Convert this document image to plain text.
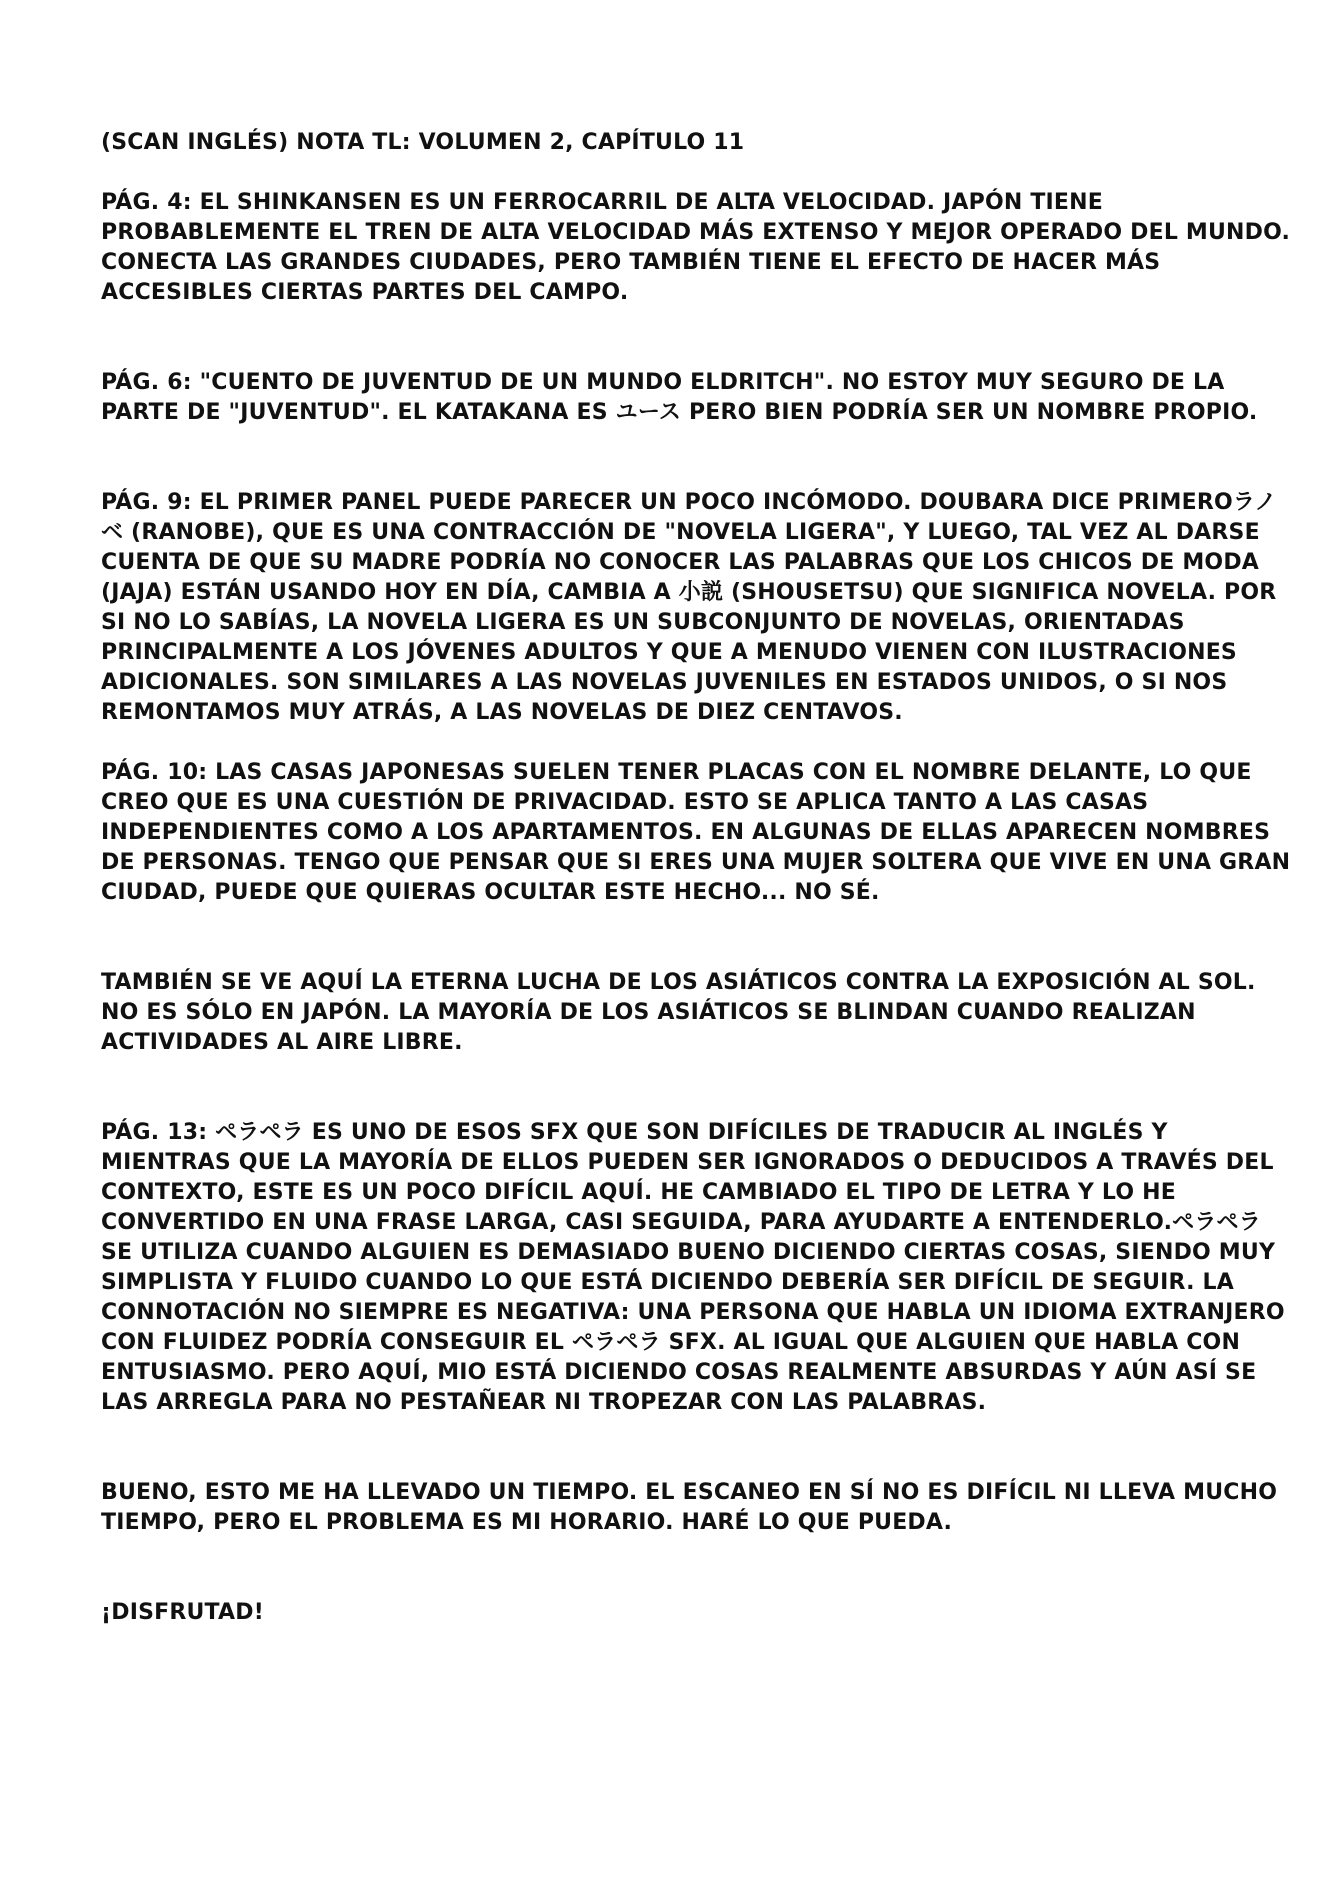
(SCAN INGLÉS) NOTA TL: VOLUMEN 2, CAPÍTULO 11

PÁG. 4: EL SHINKANSEN ES UN FERROCARRIL DE ALTA VELOCIDAD. JAPÓN TIENE PROBABLEMENTE EL TREN DE ALTA VELOCIDAD MÁS EXTENSO Y MEJOR OPERADO DEL MUNDO. CONECTA LAS GRANDES CIUDADES, PERO TAMBIÉN TIENE EL EFECTO DE HACER MÁS ACCESIBLES CIERTAS PARTES DEL CAMPO.

PÁG. 6: "CUENTO DE JUVENTUD DE UN MUNDO ELDRITCH". NO ESTOY MUY SEGURO DE LA PARTE DE "JUVENTUD". EL KATAKANA ES ユース PERO BIEN PODRÍA SER UN NOMBRE PROPIO.

PÁG. 9: EL PRIMER PANEL PUEDE PARECER UN POCO INCÓMODO. DOUBARA DICE PRIMEROラノベ (RANOBE), QUE ES UNA CONTRACCIÓN DE "NOVELA LIGERA", Y LUEGO, TAL VEZ AL DARSE CUENTA DE QUE SU MADRE PODRÍA NO CONOCER LAS PALABRAS QUE LOS CHICOS DE MODA (JAJA) ESTÁN USANDO HOY EN DÍA, CAMBIA A 小説 (SHOUSETSU) QUE SIGNIFICA NOVELA. POR SI NO LO SABÍAS, LA NOVELA LIGERA ES UN SUBCONJUNTO DE NOVELAS, ORIENTADAS PRINCIPALMENTE A LOS JÓVENES ADULTOS Y QUE A MENUDO VIENEN CON ILUSTRACIONES ADICIONALES. SON SIMILARES A LAS NOVELAS JUVENILES EN ESTADOS UNIDOS, O SI NOS REMONTAMOS MUY ATRÁS, A LAS NOVELAS DE DIEZ CENTAVOS.

PÁG. 10: LAS CASAS JAPONESAS SUELEN TENER PLACAS CON EL NOMBRE DELANTE, LO QUE CREO QUE ES UNA CUESTIÓN DE PRIVACIDAD. ESTO SE APLICA TANTO A LAS CASAS INDEPENDIENTES COMO A LOS APARTAMENTOS. EN ALGUNAS DE ELLAS APARECEN NOMBRES DE PERSONAS. TENGO QUE PENSAR QUE SI ERES UNA MUJER SOLTERA QUE VIVE EN UNA GRAN CIUDAD, PUEDE QUE QUIERAS OCULTAR ESTE HECHO... NO SÉ.

TAMBIÉN SE VE AQUÍ LA ETERNA LUCHA DE LOS ASIÁTICOS CONTRA LA EXPOSICIÓN AL SOL. NO ES SÓLO EN JAPÓN. LA MAYORÍA DE LOS ASIÁTICOS SE BLINDAN CUANDO REALIZAN ACTIVIDADES AL AIRE LIBRE.

PÁG. 13: ペラペラ ES UNO DE ESOS SFX QUE SON DIFÍCILES DE TRADUCIR AL INGLÉS Y MIENTRAS QUE LA MAYORÍA DE ELLOS PUEDEN SER IGNORADOS O DEDUCIDOS A TRAVÉS DEL CONTEXTO, ESTE ES UN POCO DIFÍCIL AQUÍ. HE CAMBIADO EL TIPO DE LETRA Y LO HE CONVERTIDO EN UNA FRASE LARGA, CASI SEGUIDA, PARA AYUDARTE A ENTENDERLO.ペラペラ SE UTILIZA CUANDO ALGUIEN ES DEMASIADO BUENO DICIENDO CIERTAS COSAS, SIENDO MUY SIMPLISTA Y FLUIDO CUANDO LO QUE ESTÁ DICIENDO DEBERÍA SER DIFÍCIL DE SEGUIR. LA CONNOTACIÓN NO SIEMPRE ES NEGATIVA: UNA PERSONA QUE HABLA UN IDIOMA EXTRANJERO CON FLUIDEZ PODRÍA CONSEGUIR EL ペラペラ SFX. AL IGUAL QUE ALGUIEN QUE HABLA CON ENTUSIASMO. PERO AQUÍ, MIO ESTÁ DICIENDO COSAS REALMENTE ABSURDAS Y AÚN ASÍ SE LAS ARREGLA PARA NO PESTAÑEAR NI TROPEZAR CON LAS PALABRAS.

BUENO, ESTO ME HA LLEVADO UN TIEMPO. EL ESCANEO EN SÍ NO ES DIFÍCIL NI LLEVA MUCHO TIEMPO, PERO EL PROBLEMA ES MI HORARIO. HARÉ LO QUE PUEDA.

¡DISFRUTAD!
